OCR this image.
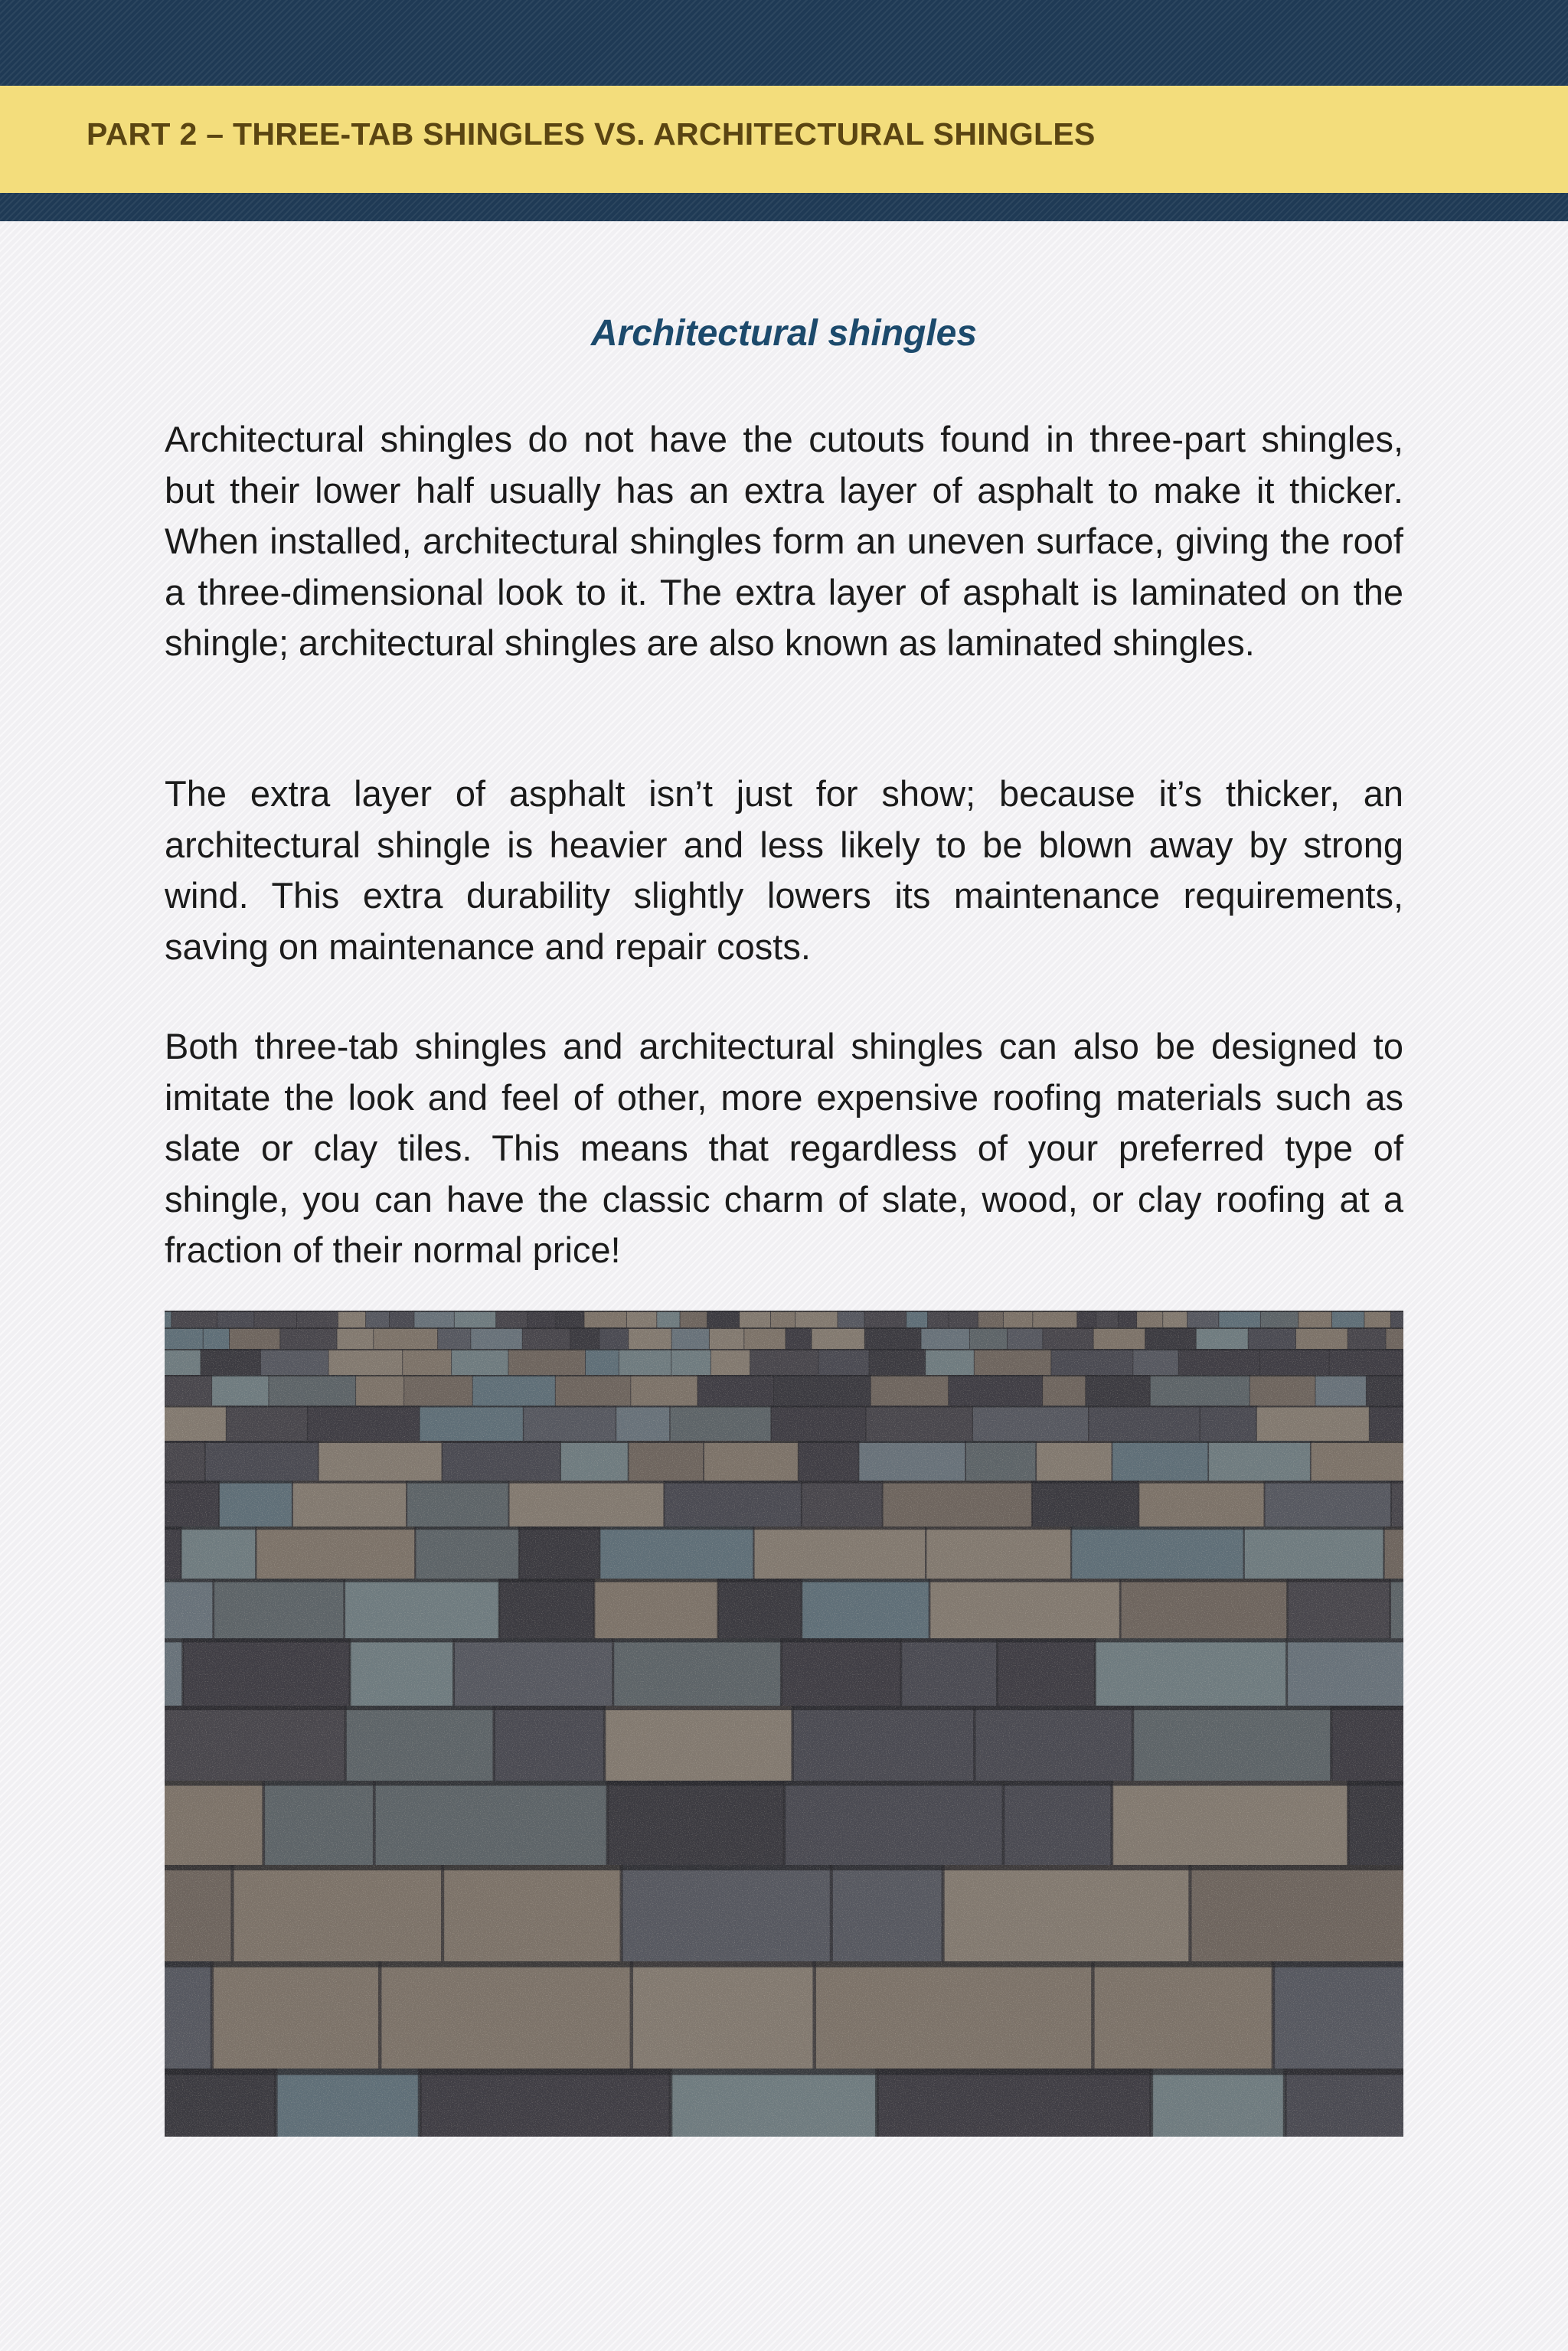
PART 2 – THREE-TAB SHINGLES VS. ARCHITECTURAL SHINGLES
Architectural shingles

Architectural shingles do not have the cutouts found in three-part shingles, but their lower half usually has an extra layer of asphalt to make it thicker. When installed, architectural shingles form an uneven surface, giving the roof a three-dimensional look to it. The extra layer of asphalt is laminated on the shingle; architectural shingles are also known as laminated shingles.

The extra layer of asphalt isn’t just for show; because it’s thicker, an architectural shingle is heavier and less likely to be blown away by strong wind. This extra durability slightly lowers its maintenance requirements, saving on maintenance and repair costs.

Both three-tab shingles and architectural shingles can also be designed to imitate the look and feel of other, more expensive roofing materials such as slate or clay tiles. This means that regardless of your preferred type of shingle, you can have the classic charm of slate, wood, or clay roofing at a fraction of their normal price!
